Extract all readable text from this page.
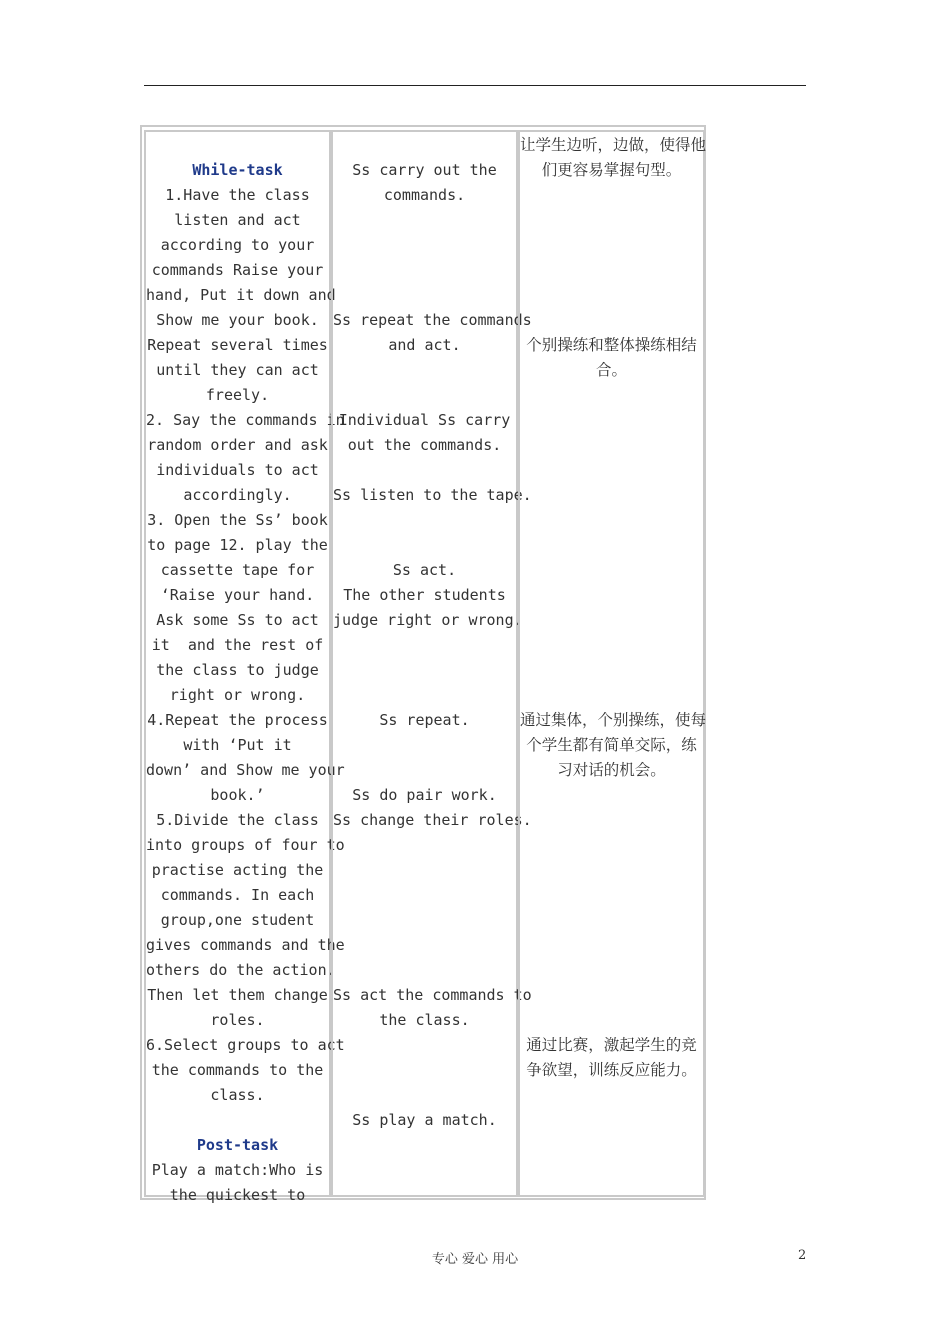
While-task
1.Have the class
listen and act
according to your
commands Raise your
hand, Put it down and
Show me your book.
Repeat several times
until they can act
freely.
2. Say the commands in
random order and ask
individuals to act
accordingly.
3. Open the Ss’ book
to page 12. play the
cassette tape for
‘Raise your hand.
Ask some Ss to act
it  and the rest of
the class to judge
right or wrong.
4.Repeat the process
with ‘Put it
down’ and Show me your
book.’
5.Divide the class
into groups of four to
practise acting the
commands. In each
group,one student
gives commands and the
others do the action.
Then let them change
roles.
6.Select groups to act
the commands to the
class.
Post-task
Play a match:Who is
the quickest to
Ss carry out the
commands.
Ss repeat the commands
and act.
Individual Ss carry
out the commands.
Ss listen to the tape.
Ss act.
The other students
judge right or wrong.
Ss repeat.
Ss do pair work.
Ss change their roles.
Ss act the commands to
the class.
Ss play a match.
让学生边听，边做，使得他
们更容易掌握句型。
个别操练和整体操练相结
合。
通过集体，个别操练，使每
个学生都有简单交际，练
习对话的机会。
通过比赛，激起学生的竞
争欲望，训练反应能力。
专心 爱心 用心	2
